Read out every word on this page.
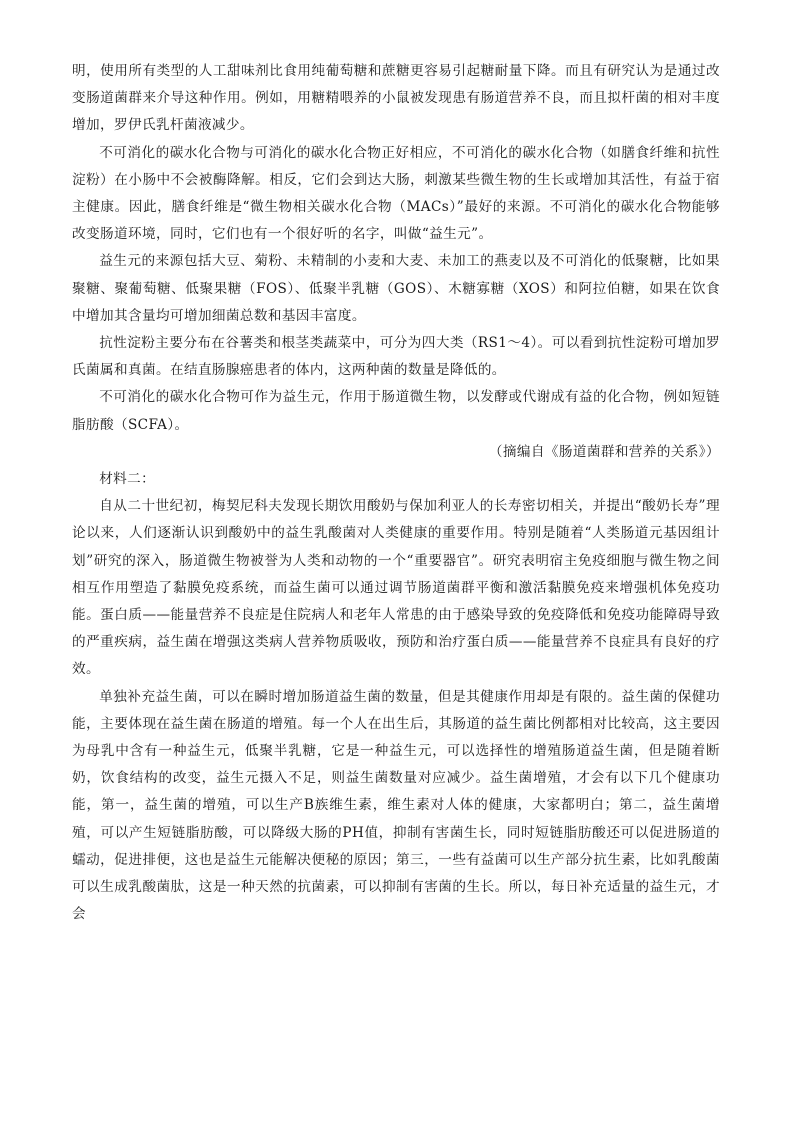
明，使用所有类型的人工甜味剂比食用纯葡萄糖和蔗糖更容易引起糖耐量下降。而且有研究认为是通过改变肠道菌群来介导这种作用。例如，用糖精喂养的小鼠被发现患有肠道营养不良，而且拟杆菌的相对丰度增加，罗伊氏乳杆菌液减少。

不可消化的碳水化合物与可消化的碳水化合物正好相应，不可消化的碳水化合物（如膳食纤维和抗性淀粉）在小肠中不会被酶降解。相反，它们会到达大肠，刺激某些微生物的生长或增加其活性，有益于宿主健康。因此，膳食纤维是“微生物相关碳水化合物（MACs）”最好的来源。不可消化的碳水化合物能够改变肠道环境，同时，它们也有一个很好听的名字，叫做“益生元”。

益生元的来源包括大豆、菊粉、未精制的小麦和大麦、未加工的燕麦以及不可消化的低聚糖，比如果聚糖、聚葡萄糖、低聚果糖（FOS）、低聚半乳糖（GOS）、木糖寡糖（XOS）和阿拉伯糖，如果在饮食中增加其含量均可增加细菌总数和基因丰富度。

抗性淀粉主要分布在谷薯类和根茎类蔬菜中，可分为四大类（RS1～4）。可以看到抗性淀粉可增加罗氏菌属和真菌。在结直肠腺癌患者的体内，这两种菌的数量是降低的。

不可消化的碳水化合物可作为益生元，作用于肠道微生物，以发酵或代谢成有益的化合物，例如短链脂肪酸（SCFA）。

（摘编自《肠道菌群和营养的关系》）

材料二：

自从二十世纪初，梅契尼科夫发现长期饮用酸奶与保加利亚人的长寿密切相关，并提出“酸奶长寿”理论以来，人们逐渐认识到酸奶中的益生乳酸菌对人类健康的重要作用。特别是随着“人类肠道元基因组计划”研究的深入，肠道微生物被誉为人类和动物的一个“重要器官”。研究表明宿主免疫细胞与微生物之间相互作用塑造了黏膜免疫系统，而益生菌可以通过调节肠道菌群平衡和激活黏膜免疫来增强机体免疫功能。蛋白质——能量营养不良症是住院病人和老年人常患的由于感染导致的免疫降低和免疫功能障碍导致的严重疾病，益生菌在增强这类病人营养物质吸收，预防和治疗蛋白质——能量营养不良症具有良好的疗效。

单独补充益生菌，可以在瞬时增加肠道益生菌的数量，但是其健康作用却是有限的。益生菌的保健功能，主要体现在益生菌在肠道的增殖。每一个人在出生后，其肠道的益生菌比例都相对比较高，这主要因为母乳中含有一种益生元，低聚半乳糖，它是一种益生元，可以选择性的增殖肠道益生菌，但是随着断奶，饮食结构的改变，益生元摄入不足，则益生菌数量对应减少。益生菌增殖，才会有以下几个健康功能，第一，益生菌的增殖，可以生产B族维生素，维生素对人体的健康，大家都明白；第二，益生菌增殖，可以产生短链脂肪酸，可以降级大肠的PH值，抑制有害菌生长，同时短链脂肪酸还可以促进肠道的蠕动，促进排便，这也是益生元能解决便秘的原因；第三，一些有益菌可以生产部分抗生素，比如乳酸菌可以生成乳酸菌肽，这是一种天然的抗菌素，可以抑制有害菌的生长。所以，每日补充适量的益生元，才会
